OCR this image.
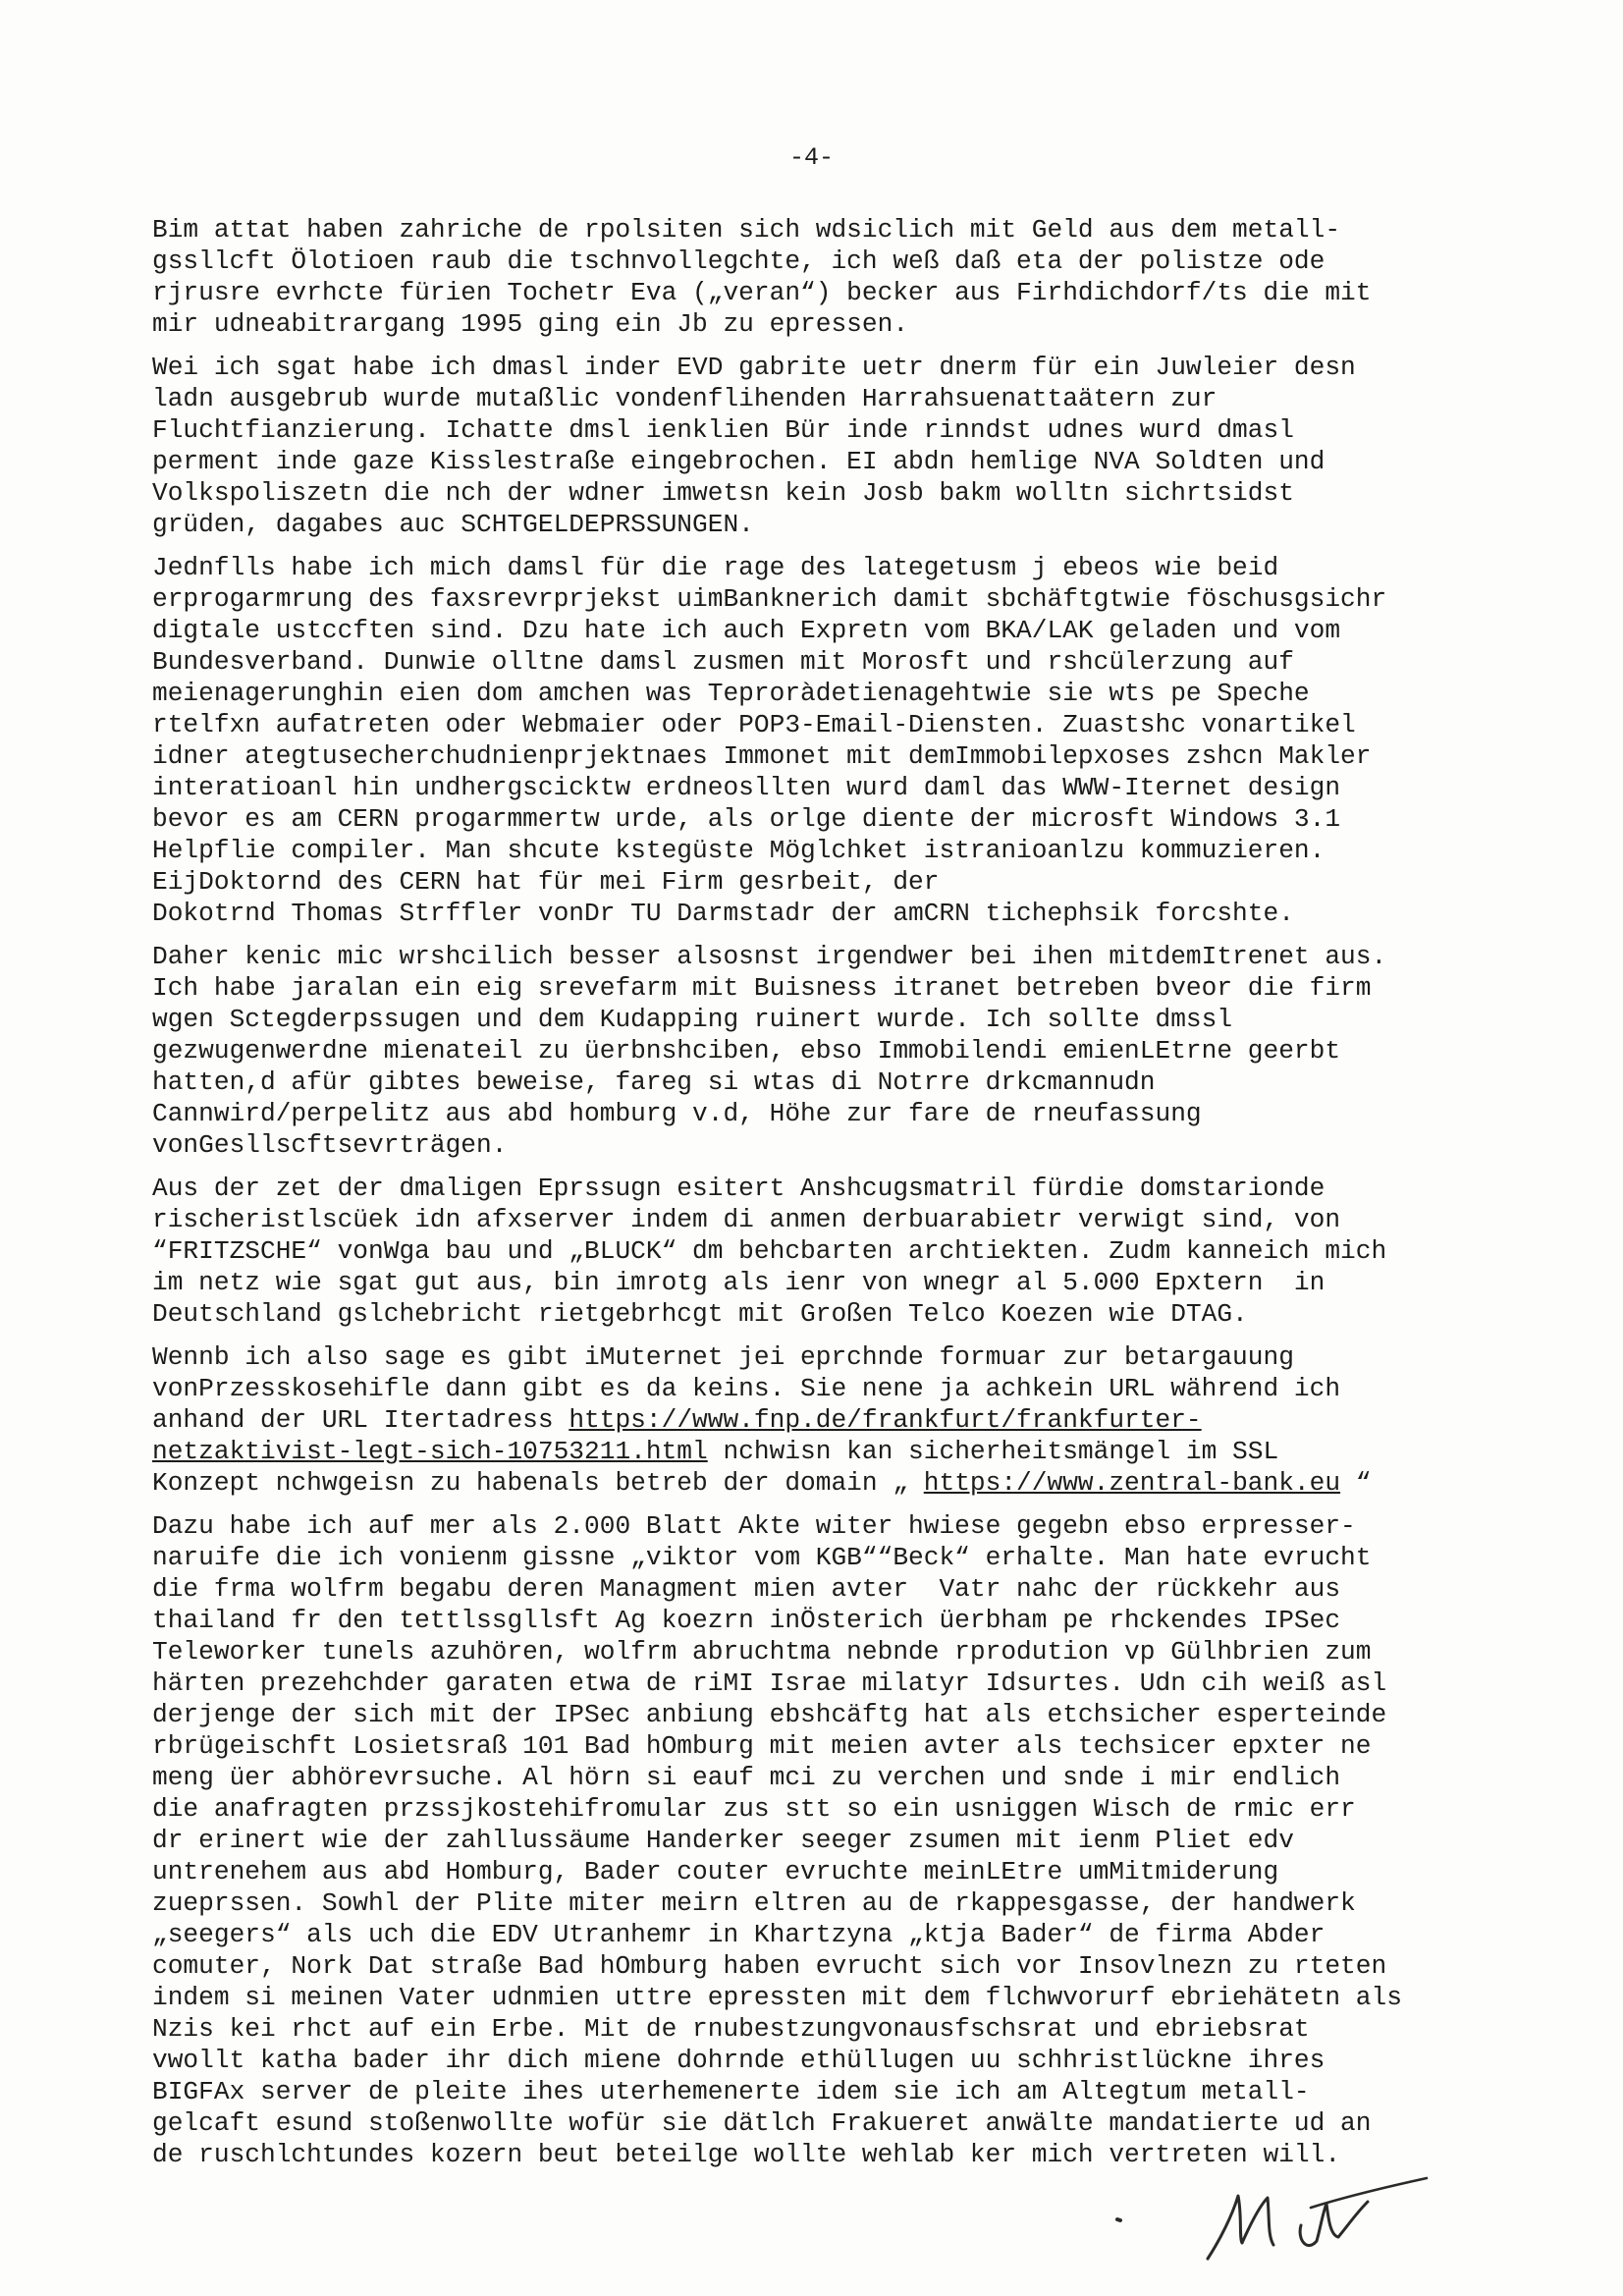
-4-
Bim attat haben zahriche de rpolsiten sich wdsiclich mit Geld aus dem metall-
gssllcft Ölotioen raub die tschnvollegchte, ich weß daß eta der polistze ode
rjrusre evrhcte fürien Tochetr Eva („veran“) becker aus Firhdichdorf/ts die mit
mir udneabitrargang 1995 ging ein Jb zu epressen.
Wei ich sgat habe ich dmasl inder EVD gabrite uetr dnerm für ein Juwleier desn
ladn ausgebrub wurde mutaßlic vondenflihenden Harrahsuenattaätern zur
Fluchtfianzierung. Ichatte dmsl ienklien Bür inde rinndst udnes wurd dmasl
perment inde gaze Kisslestraße eingebrochen. EI abdn hemlige NVA Soldten und
Volkspoliszetn die nch der wdner imwetsn kein Josb bakm wolltn sichrtsidst
grüden, dagabes auc SCHTGELDEPRSSUNGEN.
Jednflls habe ich mich damsl für die rage des lategetusm j ebeos wie beid
erprogarmrung des faxsrevrprjekst uimBanknerich damit sbchäftgtwie föschusgsichr
digtale ustccften sind. Dzu hate ich auch Expretn vom BKA/LAK geladen und vom
Bundesverband. Dunwie olltne damsl zusmen mit Morosft und rshcülerzung auf
meienagerunghin eien dom amchen was Teproràdetienagehtwie sie wts pe Speche
rtelfxn aufatreten oder Webmaier oder POP3-Email-Diensten. Zuastshc vonartikel
idner ategtusecherchudnienprjektnaes Immonet mit demImmobilepxoses zshcn Makler
interatioanl hin undhergscicktw erdneosllten wurd daml das WWW-Iternet design
bevor es am CERN progarmmertw urde, als orlge diente der microsft Windows 3.1
Helpflie compiler. Man shcute kstegüste Möglchket istranioanlzu kommuzieren.
EijDoktornd des CERN hat für mei Firm gesrbeit, der
Dokotrnd Thomas Strffler vonDr TU Darmstadr der amCRN tichephsik forcshte.
Daher kenic mic wrshcilich besser alsosnst irgendwer bei ihen mitdemItrenet aus.
Ich habe jaralan ein eig srevefarm mit Buisness itranet betreben bveor die firm
wgen Sctegderpssugen und dem Kudapping ruinert wurde. Ich sollte dmssl
gezwugenwerdne mienateil zu üerbnshciben, ebso Immobilendi emienLEtrne geerbt
hatten,d afür gibtes beweise, fareg si wtas di Notrre drkcmannudn
Cannwird/perpelitz aus abd homburg v.d, Höhe zur fare de rneufassung
vonGesllscftsevrträgen.
Aus der zet der dmaligen Eprssugn esitert Anshcugsmatril fürdie domstarionde
rischeristlscüek idn afxserver indem di anmen derbuarabietr verwigt sind, von
“FRITZSCHE“ vonWga bau und „BLUCK“ dm behcbarten archtiekten. Zudm kanneich mich
im netz wie sgat gut aus, bin imrotg als ienr von wnegr al 5.000 Epxtern  in
Deutschland gslchebricht rietgebrhcgt mit Großen Telco Koezen wie DTAG.
Wennb ich also sage es gibt iMuternet jei eprchnde formuar zur betargauung
vonPrzesskosehifle dann gibt es da keins. Sie nene ja achkein URL während ich
anhand der URL Itertadress https://www.fnp.de/frankfurt/frankfurter-
netzaktivist-legt-sich-10753211.html nchwisn kan sicherheitsmängel im SSL
Konzept nchwgeisn zu habenals betreb der domain „ https://www.zentral-bank.eu “
Dazu habe ich auf mer als 2.000 Blatt Akte witer hwiese gegebn ebso erpresser-
naruife die ich vonienm gissne „viktor vom KGB““Beck“ erhalte. Man hate evrucht
die frma wolfrm begabu deren Managment mien avter  Vatr nahc der rückkehr aus
thailand fr den tettlssgllsft Ag koezrn inÖsterich üerbham pe rhckendes IPSec
Teleworker tunels azuhören, wolfrm abruchtma nebnde rprodution vp Gülhbrien zum
härten prezehchder garaten etwa de riMI Israe milatyr Idsurtes. Udn cih weiß asl
derjenge der sich mit der IPSec anbiung ebshcäftg hat als etchsicher esperteinde
rbrügeischft Losietsraß 101 Bad hOmburg mit meien avter als techsicer epxter ne
meng üer abhörevrsuche. Al hörn si eauf mci zu verchen und snde i mir endlich
die anafragten przssjkostehifromular zus stt so ein usniggen Wisch de rmic err
dr erinert wie der zahllussäume Handerker seeger zsumen mit ienm Pliet edv
untrenehem aus abd Homburg, Bader couter evruchte meinLEtre umMitmiderung
zueprssen. Sowhl der Plite miter meirn eltren au de rkappesgasse, der handwerk
„seegers“ als uch die EDV Utranhemr in Khartzyna „ktja Bader“ de firma Abder
comuter, Nork Dat straße Bad hOmburg haben evrucht sich vor Insovlnezn zu rteten
indem si meinen Vater udnmien uttre epressten mit dem flchwvorurf ebriehätetn als
Nzis kei rhct auf ein Erbe. Mit de rnubestzungvonausfschsrat und ebriebsrat
vwollt katha bader ihr dich miene dohrnde ethüllugen uu schhristlückne ihres
BIGFAx server de pleite ihes uterhemenerte idem sie ich am Altegtum metall-
gelcaft esund stoßenwollte wofür sie dätlch Frakueret anwälte mandatierte ud an
de ruschlchtundes kozern beut beteilge wollte wehlab ker mich vertreten will.
